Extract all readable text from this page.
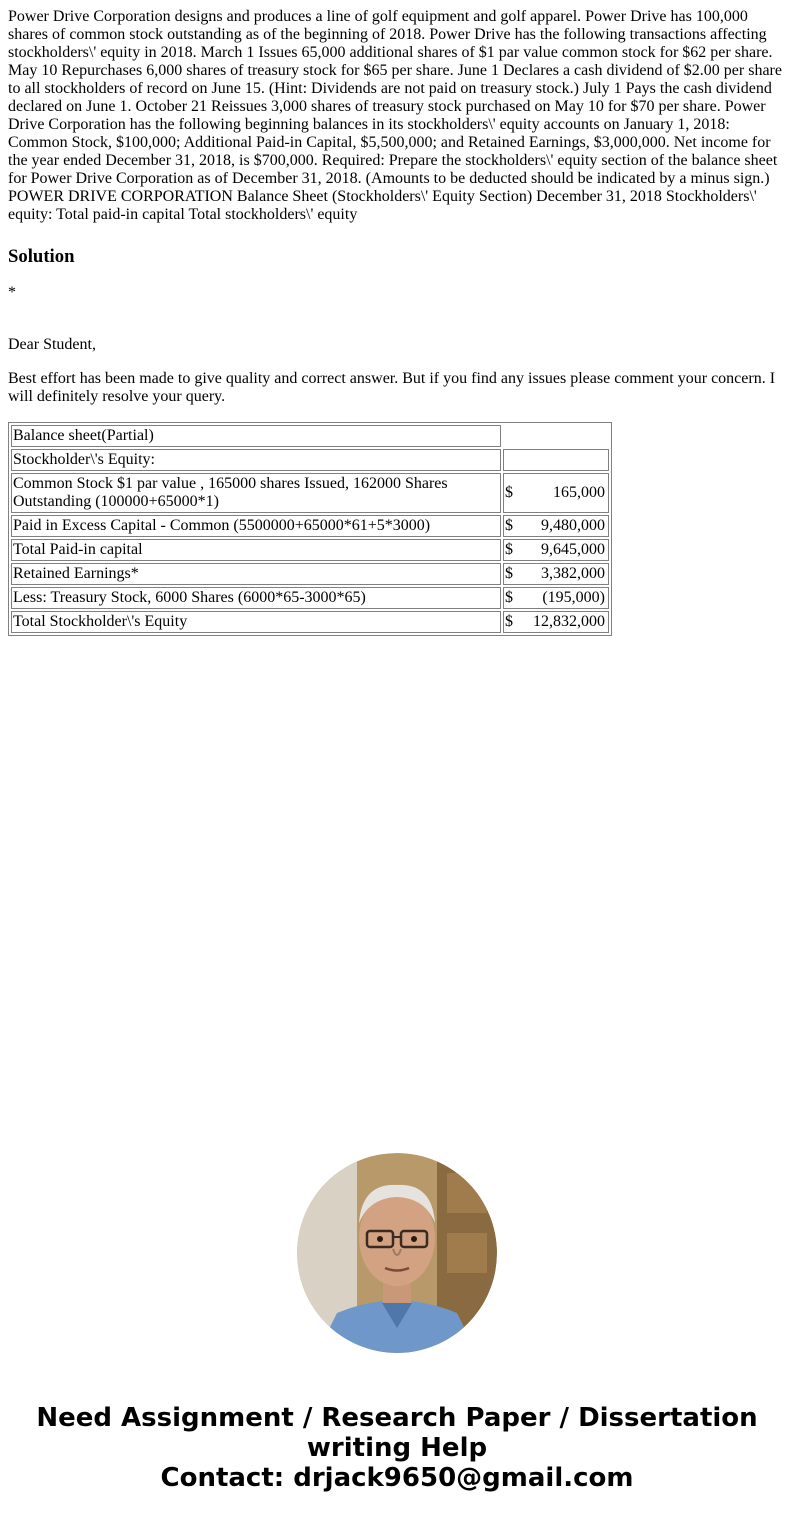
Power Drive Corporation designs and produces a line of golf equipment and golf apparel. Power Drive has 100,000 shares of common stock outstanding as of the beginning of 2018. Power Drive has the following transactions affecting stockholders\' equity in 2018. March 1 Issues 65,000 additional shares of $1 par value common stock for $62 per share. May 10 Repurchases 6,000 shares of treasury stock for $65 per share. June 1 Declares a cash dividend of $2.00 per share to all stockholders of record on June 15. (Hint: Dividends are not paid on treasury stock.) July 1 Pays the cash dividend declared on June 1. October 21 Reissues 3,000 shares of treasury stock purchased on May 10 for $70 per share. Power Drive Corporation has the following beginning balances in its stockholders\' equity accounts on January 1, 2018: Common Stock, $100,000; Additional Paid-in Capital, $5,500,000; and Retained Earnings, $3,000,000. Net income for the year ended December 31, 2018, is $700,000. Required: Prepare the stockholders\' equity section of the balance sheet for Power Drive Corporation as of December 31, 2018. (Amounts to be deducted should be indicated by a minus sign.) POWER DRIVE CORPORATION Balance Sheet (Stockholders\' Equity Section) December 31, 2018 Stockholders\' equity: Total paid-in capital Total stockholders\' equity

Solution

*

Dear Student,

Best effort has been made to give quality and correct answer. But if you find any issues please comment your concern. I will definitely resolve your query.

Balance sheet(Partial)	
Stockholder\'s Equity:	
Common Stock $1 par value , 165000 shares Issued, 162000 Shares Outstanding (100000+65000*1)	$ 165,000

Paid in Excess Capital - Common (5500000+65000*61+5*3000)	$ 9,480,000

Total Paid-in capital	$ 9,645,000

Retained Earnings*	$ 3,382,000

Less: Treasury Stock, 6000 Shares (6000*65-3000*65)	$ (195,000)

Total Stockholder\'s Equity	$ 12,832,000
Need Assignment / Research Paper / Dissertation
writing Help
Contact: drjack9650@gmail.com
